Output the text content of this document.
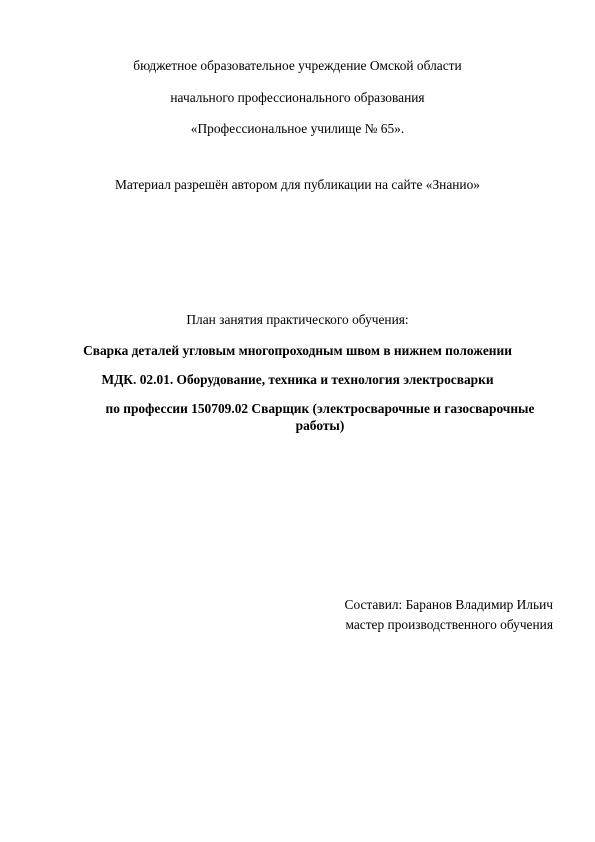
бюджетное образовательное учреждение Омской области
начального профессионального образования
«Профессиональное училище № 65».
Материал разрешён автором для публикации на сайте «Знанио»
План занятия практического обучения:
Сварка деталей угловым многопроходным швом в нижнем положении
МДК. 02.01. Оборудование, техника и технология электросварки
по профессии 150709.02 Сварщик (электросварочные и газосварочные работы)
Составил: Баранов Владимир Ильич
мастер производственного обучения
